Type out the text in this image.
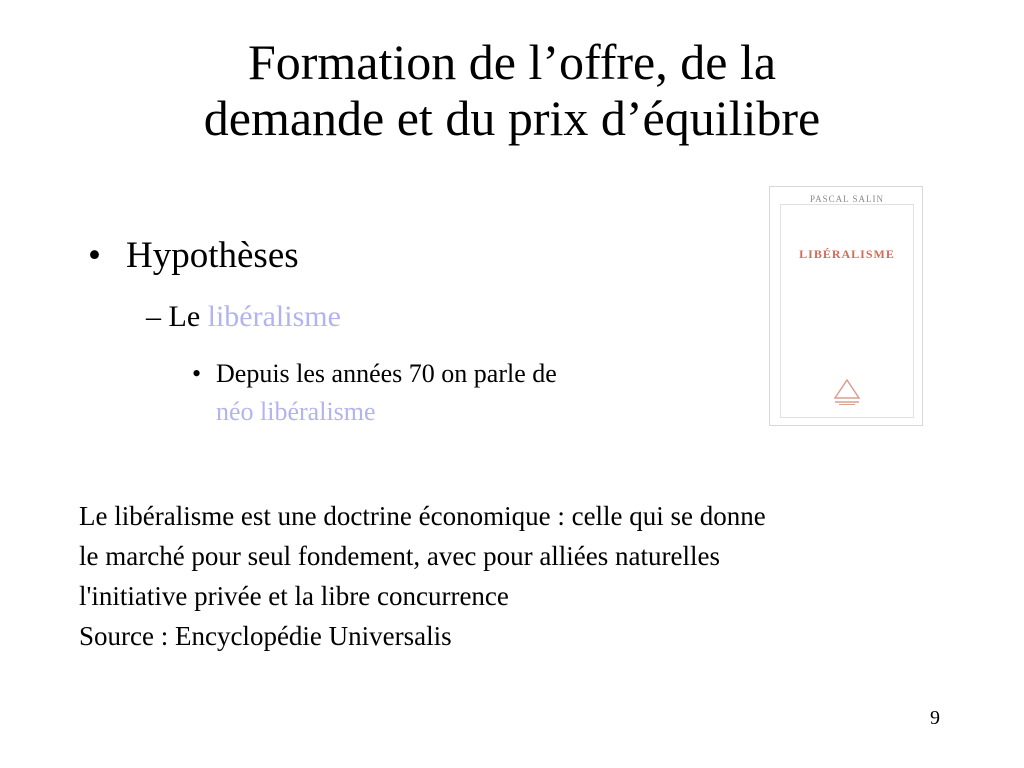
Formation de l’offre, de la
demande et du prix d’équilibre
• Hypothèses
– Le libéralisme
• Depuis les années 70 on parle de
néo libéralisme
PASCAL SALIN
LIBÉRALISME
Le libéralisme est une doctrine économique : celle qui se donne
le marché pour seul fondement, avec pour alliées naturelles
l'initiative privée et la libre concurrence
Source : Encyclopédie Universalis
9
